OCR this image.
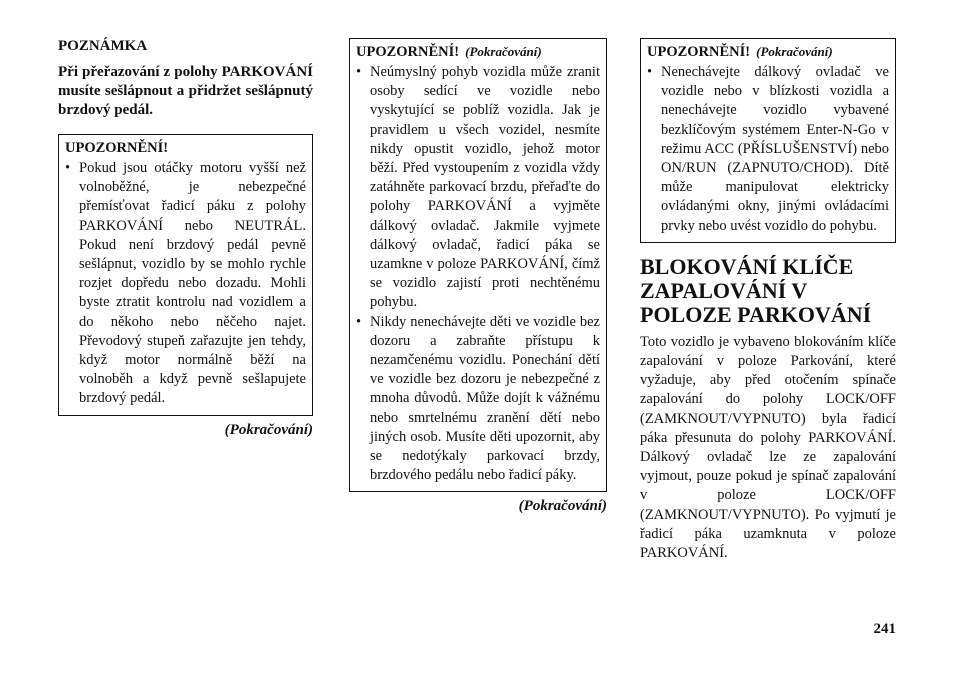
POZNÁMKA

Při přeřazování z polohy PARKOVÁNÍ musíte sešlápnout a přidržet sešlápnutý brzdový pedál.

UPOZORNĚNÍ!
• Pokud jsou otáčky motoru vyšší než volnoběžné, je nebezpečné přemísťovat řadicí páku z polohy PARKOVÁNÍ nebo NEUTRÁL. Pokud není brzdový pedál pevně sešlápnut, vozidlo by se mohlo rychle rozjet dopředu nebo dozadu. Mohli byste ztratit kontrolu nad vozidlem a do někoho nebo něčeho najet. Převodový stupeň zařazujte jen tehdy, když motor normálně běží na volnoběh a když pevně sešlapujete brzdový pedál.
(Pokračování)
UPOZORNĚNÍ! (Pokračování)
• Neúmyslný pohyb vozidla může zranit osoby sedící ve vozidle nebo vyskytující se poblíž vozidla. Jak je pravidlem u všech vozidel, nesmíte nikdy opustit vozidlo, jehož motor běží. Před vystoupením z vozidla vždy zatáhněte parkovací brzdu, přeřaďte do polohy PARKOVÁNÍ a vyjměte dálkový ovladač. Jakmile vyjmete dálkový ovladač, řadicí páka se uzamkne v poloze PARKOVÁNÍ, čímž se vozidlo zajistí proti nechtěnému pohybu.
• Nikdy nenechávejte děti ve vozidle bez dozoru a zabraňte přístupu k nezamčenému vozidlu. Ponechání dětí ve vozidle bez dozoru je nebezpečné z mnoha důvodů. Může dojít k vážnému nebo smrtelnému zranění dětí nebo jiných osob. Musíte děti upozornit, aby se nedotýkaly parkovací brzdy, brzdového pedálu nebo řadicí páky.
(Pokračování)
UPOZORNĚNÍ! (Pokračování)
• Nenechávejte dálkový ovladač ve vozidle nebo v blízkosti vozidla a nenechávejte vozidlo vybavené bezklíčovým systémem Enter-N-Go v režimu ACC (PŘÍSLUŠENSTVÍ) nebo ON/RUN (ZAPNUTO/CHOD). Dítě může manipulovat elektricky ovládanými okny, jinými ovládacími prvky nebo uvést vozidlo do pohybu.
BLOKOVÁNÍ KLÍČE ZAPALOVÁNÍ V POLOZE PARKOVÁNÍ

Toto vozidlo je vybaveno blokováním klíče zapalování v poloze Parkování, které vyžaduje, aby před otočením spínače zapalování do polohy LOCK/OFF (ZAMKNOUT/VYPNUTO) byla řadicí páka přesunuta do polohy PARKOVÁNÍ. Dálkový ovladač lze ze zapalování vyjmout, pouze pokud je spínač zapalování v poloze LOCK/OFF (ZAMKNOUT/VYPNUTO). Po vyjmutí je řadicí páka uzamknuta v poloze PARKOVÁNÍ.

241
